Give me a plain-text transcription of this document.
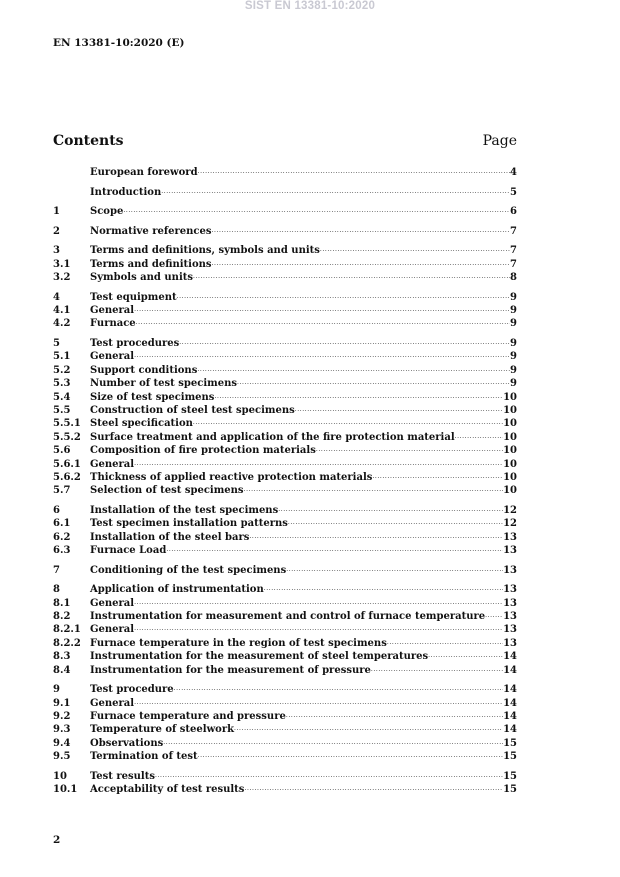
SIST EN 13381-10:2020
EN 13381-10:2020 (E)
Contents	Page
European foreword .....	4
Introduction .....	5
1	Scope .....	6
2	Normative references .....	7
3	Terms and definitions, symbols and units .....	7
3.1	Terms and definitions .....	7
3.2	Symbols and units .....	8
4	Test equipment .....	9
4.1	General .....	9
4.2	Furnace .....	9
5	Test procedures .....	9
5.1	General .....	9
5.2	Support conditions .....	9
5.3	Number of test specimens .....	9
5.4	Size of test specimens .....	10
5.5	Construction of steel test specimens .....	10
5.5.1 Steel specification .....	10
5.5.2 Surface treatment and application of the fire protection material .....	10
5.6	Composition of fire protection materials .....	10
5.6.1 General .....	10
5.6.2 Thickness of applied reactive protection materials .....	10
5.7	Selection of test specimens .....	10
6	Installation of the test specimens .....	12
6.1	Test specimen installation patterns .....	12
6.2	Installation of the steel bars .....	13
6.3	Furnace Load .....	13
7	Conditioning of the test specimens .....	13
8	Application of instrumentation .....	13
8.1	General .....	13
8.2	Instrumentation for measurement and control of furnace temperature ..... 13
8.2.1 General .....	13
8.2.2 Furnace temperature in the region of test specimens .....	13
8.3	Instrumentation for the measurement of steel temperatures .....	14
8.4	Instrumentation for the measurement of pressure .....	14
9	Test procedure .....	14
9.1	General .....	14
9.2	Furnace temperature and pressure .....	14
9.3	Temperature of steelwork .....	14
9.4	Observations .....	15
9.5	Termination of test .....	15
10	Test results .....	15
10.1	Acceptability of test results .....	15
2
